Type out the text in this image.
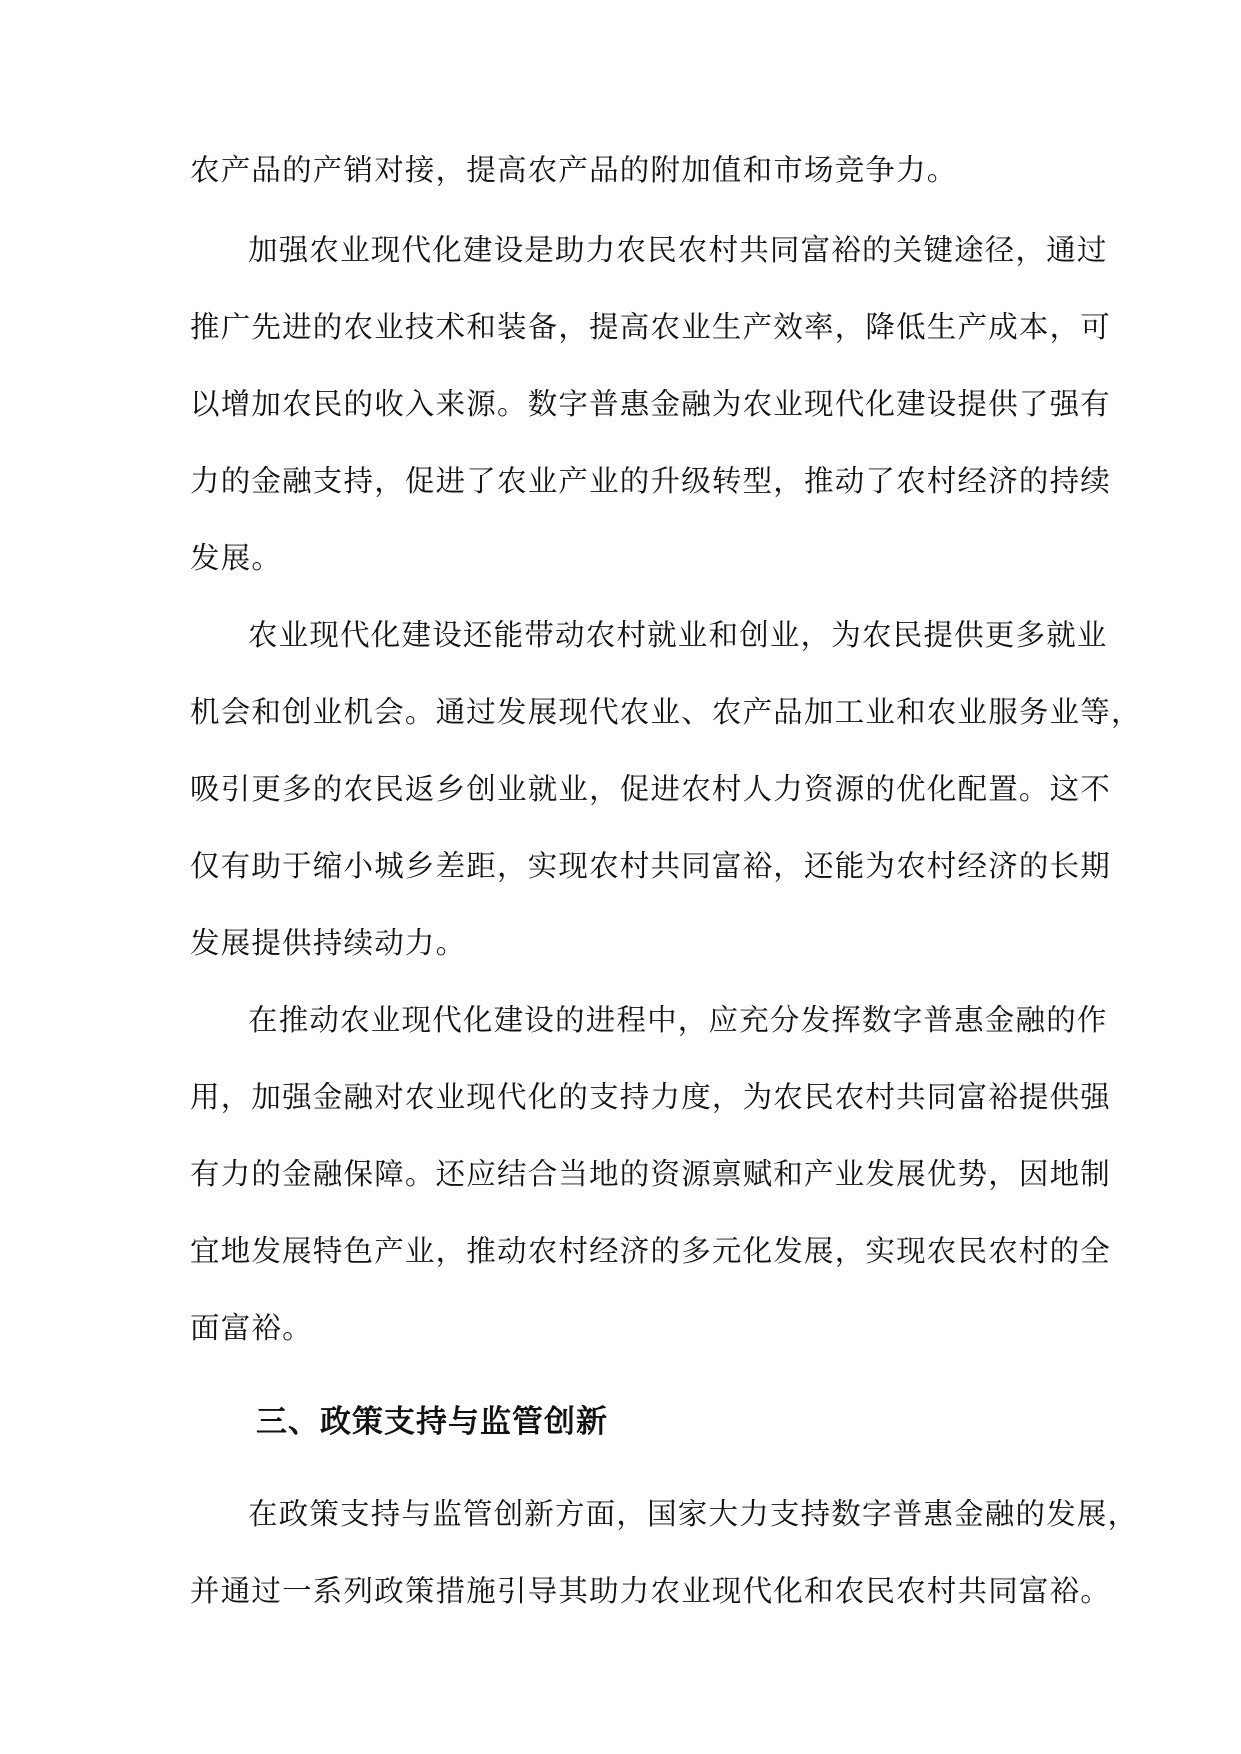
农产品的产销对接，提高农产品的附加值和市场竞争力。
加强农业现代化建设是助力农民农村共同富裕的关键途径，通过
推广先进的农业技术和装备，提高农业生产效率，降低生产成本，可
以增加农民的收入来源。数字普惠金融为农业现代化建设提供了强有
力的金融支持，促进了农业产业的升级转型，推动了农村经济的持续
发展。
农业现代化建设还能带动农村就业和创业，为农民提供更多就业
机会和创业机会。通过发展现代农业、农产品加工业和农业服务业等，
吸引更多的农民返乡创业就业，促进农村人力资源的优化配置。这不
仅有助于缩小城乡差距，实现农村共同富裕，还能为农村经济的长期
发展提供持续动力。
在推动农业现代化建设的进程中，应充分发挥数字普惠金融的作
用，加强金融对农业现代化的支持力度，为农民农村共同富裕提供强
有力的金融保障。还应结合当地的资源禀赋和产业发展优势，因地制
宜地发展特色产业，推动农村经济的多元化发展，实现农民农村的全
面富裕。
三、政策支持与监管创新
在政策支持与监管创新方面，国家大力支持数字普惠金融的发展，
并通过一系列政策措施引导其助力农业现代化和农民农村共同富裕。
